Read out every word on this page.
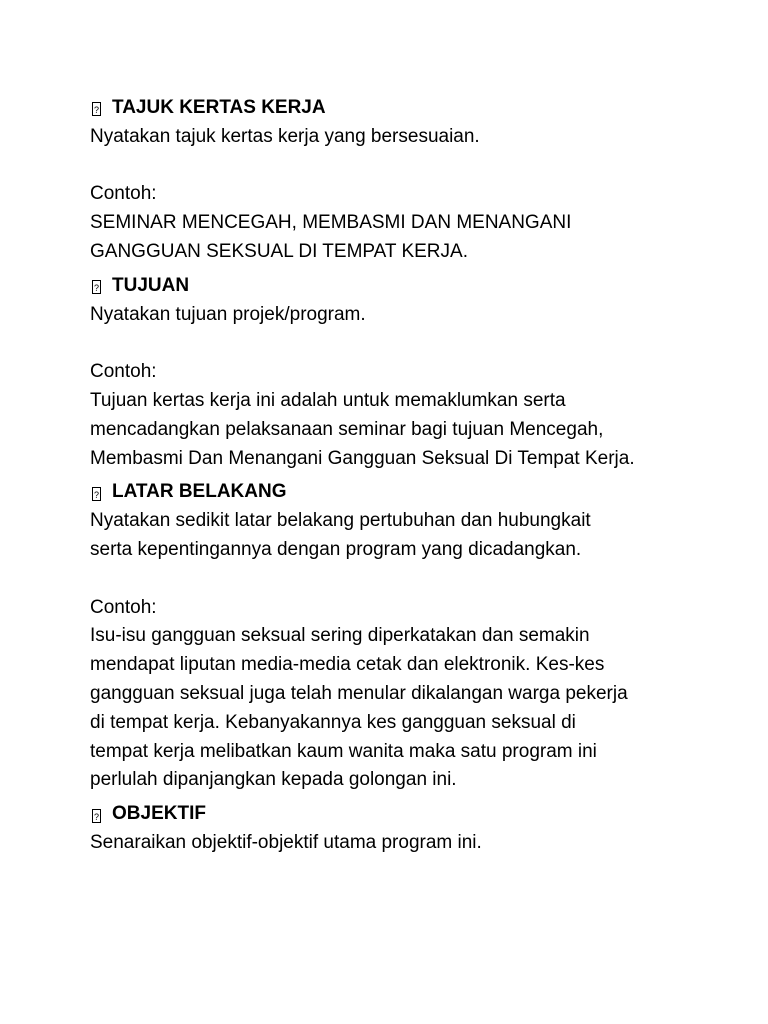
?
TAJUK KERTAS KERJA
Nyatakan tajuk kertas kerja yang bersesuaian.
Contoh:
SEMINAR MENCEGAH, MEMBASMI DAN MENANGANI
GANGGUAN SEKSUAL DI TEMPAT KERJA.
?
TUJUAN
Nyatakan tujuan projek/program.
Contoh:
Tujuan kertas kerja ini adalah untuk memaklumkan serta
mencadangkan pelaksanaan seminar bagi tujuan Mencegah,
Membasmi Dan Menangani Gangguan Seksual Di Tempat Kerja.
?
LATAR BELAKANG
Nyatakan sedikit latar belakang pertubuhan dan hubungkait
serta kepentingannya dengan program yang dicadangkan.
Contoh:
Isu-isu gangguan seksual sering diperkatakan dan semakin
mendapat liputan media-media cetak dan elektronik. Kes-kes
gangguan seksual juga telah menular dikalangan warga pekerja
di tempat kerja. Kebanyakannya kes gangguan seksual di
tempat kerja melibatkan kaum wanita maka satu program ini
perlulah dipanjangkan kepada golongan ini.
?
OBJEKTIF
Senaraikan objektif-objektif utama program ini.
